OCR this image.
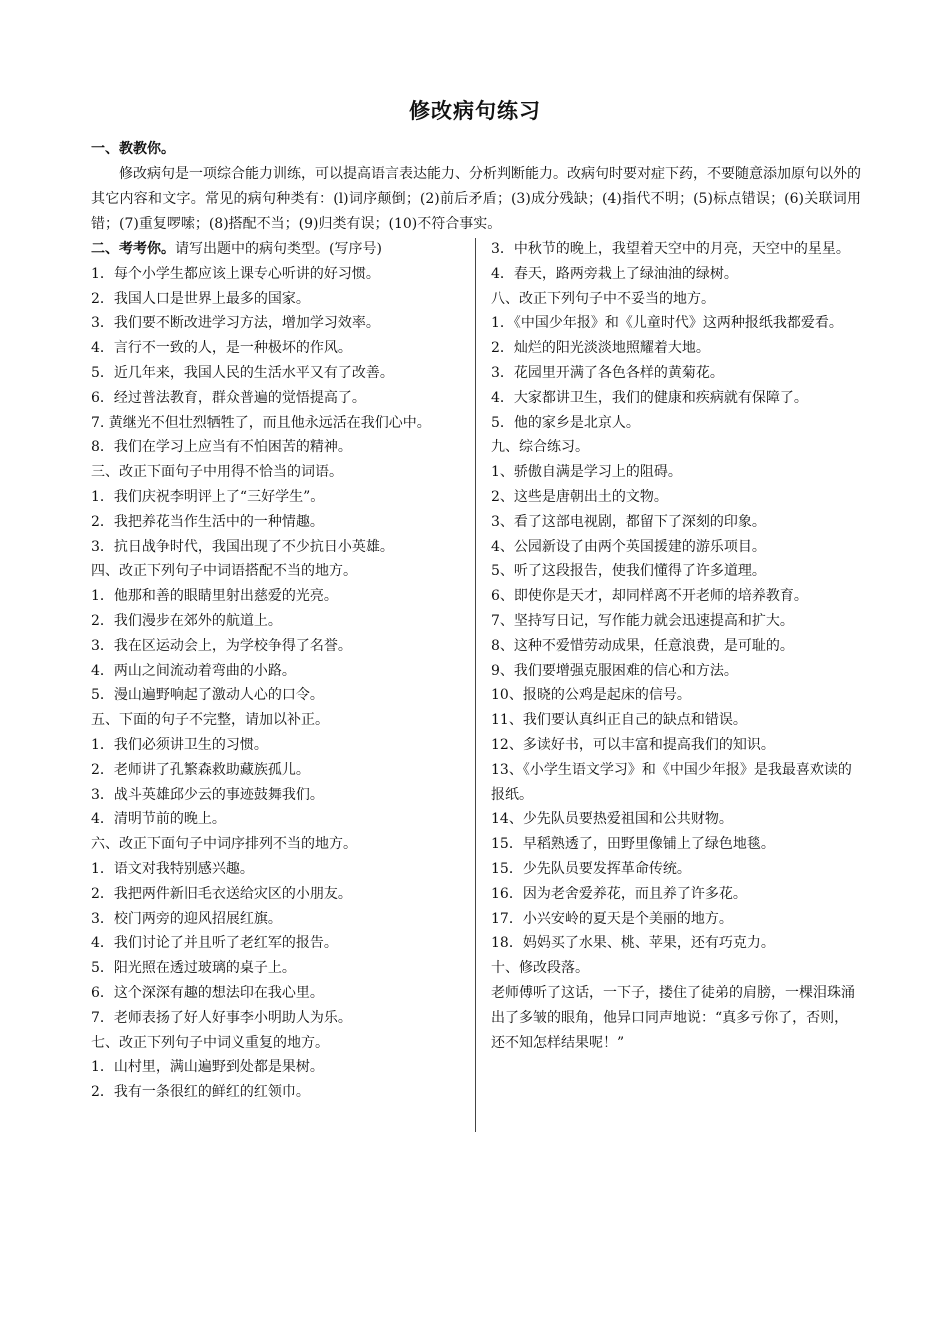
修改病句练习
一、教教你。
修改病句是一项综合能力训练，可以提高语言表达能力、分析判断能力。改病句时要对症下药，不要随意添加原句以外的其它内容和文字。常见的病句种类有：(l)词序颠倒；(2)前后矛盾；(3)成分残缺；(4)指代不明；(5)标点错误；(6)关联词用错；(7)重复啰嗦；(8)搭配不当；(9)归类有误；(10)不符合事实。
二、考考你。请写出题中的病句类型。(写序号)
1．每个小学生都应该上课专心听讲的好习惯。
2．我国人口是世界上最多的国家。
3．我们要不断改进学习方法，增加学习效率。
4．言行不一致的人，是一种极坏的作风。
5．近几年来，我国人民的生活水平又有了改善。
6．经过普法教育，群众普遍的觉悟提高了。
7. 黄继光不但壮烈牺牲了，而且他永远活在我们心中。
8．我们在学习上应当有不怕困苦的精神。
三、改正下面句子中用得不恰当的词语。
1．我们庆祝李明评上了“三好学生”。
2．我把养花当作生活中的一种情趣。
3．抗日战争时代，我国出现了不少抗日小英雄。
四、改正下列句子中词语搭配不当的地方。
1．他那和善的眼睛里射出慈爱的光亮。
2．我们漫步在郊外的航道上。
3．我在区运动会上，为学校争得了名誉。
4．两山之间流动着弯曲的小路。
5．漫山遍野响起了激动人心的口令。
五、下面的句子不完整，请加以补正。
1．我们必须讲卫生的习惯。
2．老师讲了孔繁森救助藏族孤儿。
3．战斗英雄邱少云的事迹鼓舞我们。
4．清明节前的晚上。
六、改正下面句子中词序排列不当的地方。
1．语文对我特别感兴趣。
2．我把两件新旧毛衣送给灾区的小朋友。
3．校门两旁的迎风招展红旗。
4．我们讨论了并且听了老红军的报告。
5．阳光照在透过玻璃的桌子上。
6．这个深深有趣的想法印在我心里。
7．老师表扬了好人好事李小明助人为乐。
七、改正下列句子中词义重复的地方。
1．山村里，满山遍野到处都是果树。
2．我有一条很红的鲜红的红领巾。
3．中秋节的晚上，我望着天空中的月亮，天空中的星星。
4．春天，路两旁栽上了绿油油的绿树。
八、改正下列句子中不妥当的地方。
1．《中国少年报》和《儿童时代》这两种报纸我都爱看。
2．灿烂的阳光淡淡地照耀着大地。
3．花园里开满了各色各样的黄菊花。
4．大家都讲卫生，我们的健康和疾病就有保障了。
5．他的家乡是北京人。
九、综合练习。
1、骄傲自满是学习上的阻碍。
2、这些是唐朝出土的文物。
3、看了这部电视剧，都留下了深刻的印象。
4、公园新设了由两个英国援建的游乐项目。
5、听了这段报告，使我们懂得了许多道理。
6、即使你是天才，却同样离不开老师的培养教育。
7、坚持写日记，写作能力就会迅速提高和扩大。
8、这种不爱惜劳动成果，任意浪费，是可耻的。
9、我们要增强克服困难的信心和方法。
10、报晓的公鸡是起床的信号。
11、我们要认真纠正自己的缺点和错误。
12、多读好书，可以丰富和提高我们的知识。
13、《小学生语文学习》和《中国少年报》是我最喜欢读的报纸。
14、少先队员要热爱祖国和公共财物。
15．早稻熟透了，田野里像铺上了绿色地毯。
15．少先队员要发挥革命传统。
16．因为老舍爱养花，而且养了许多花。
17．小兴安岭的夏天是个美丽的地方。
18．妈妈买了水果、桃、苹果，还有巧克力。
十、修改段落。
老师傅听了这话，一下子，搂住了徒弟的肩膀，一棵泪珠涌出了多皱的眼角，他异口同声地说：“真多亏你了，否则，还不知怎样结果呢！”
